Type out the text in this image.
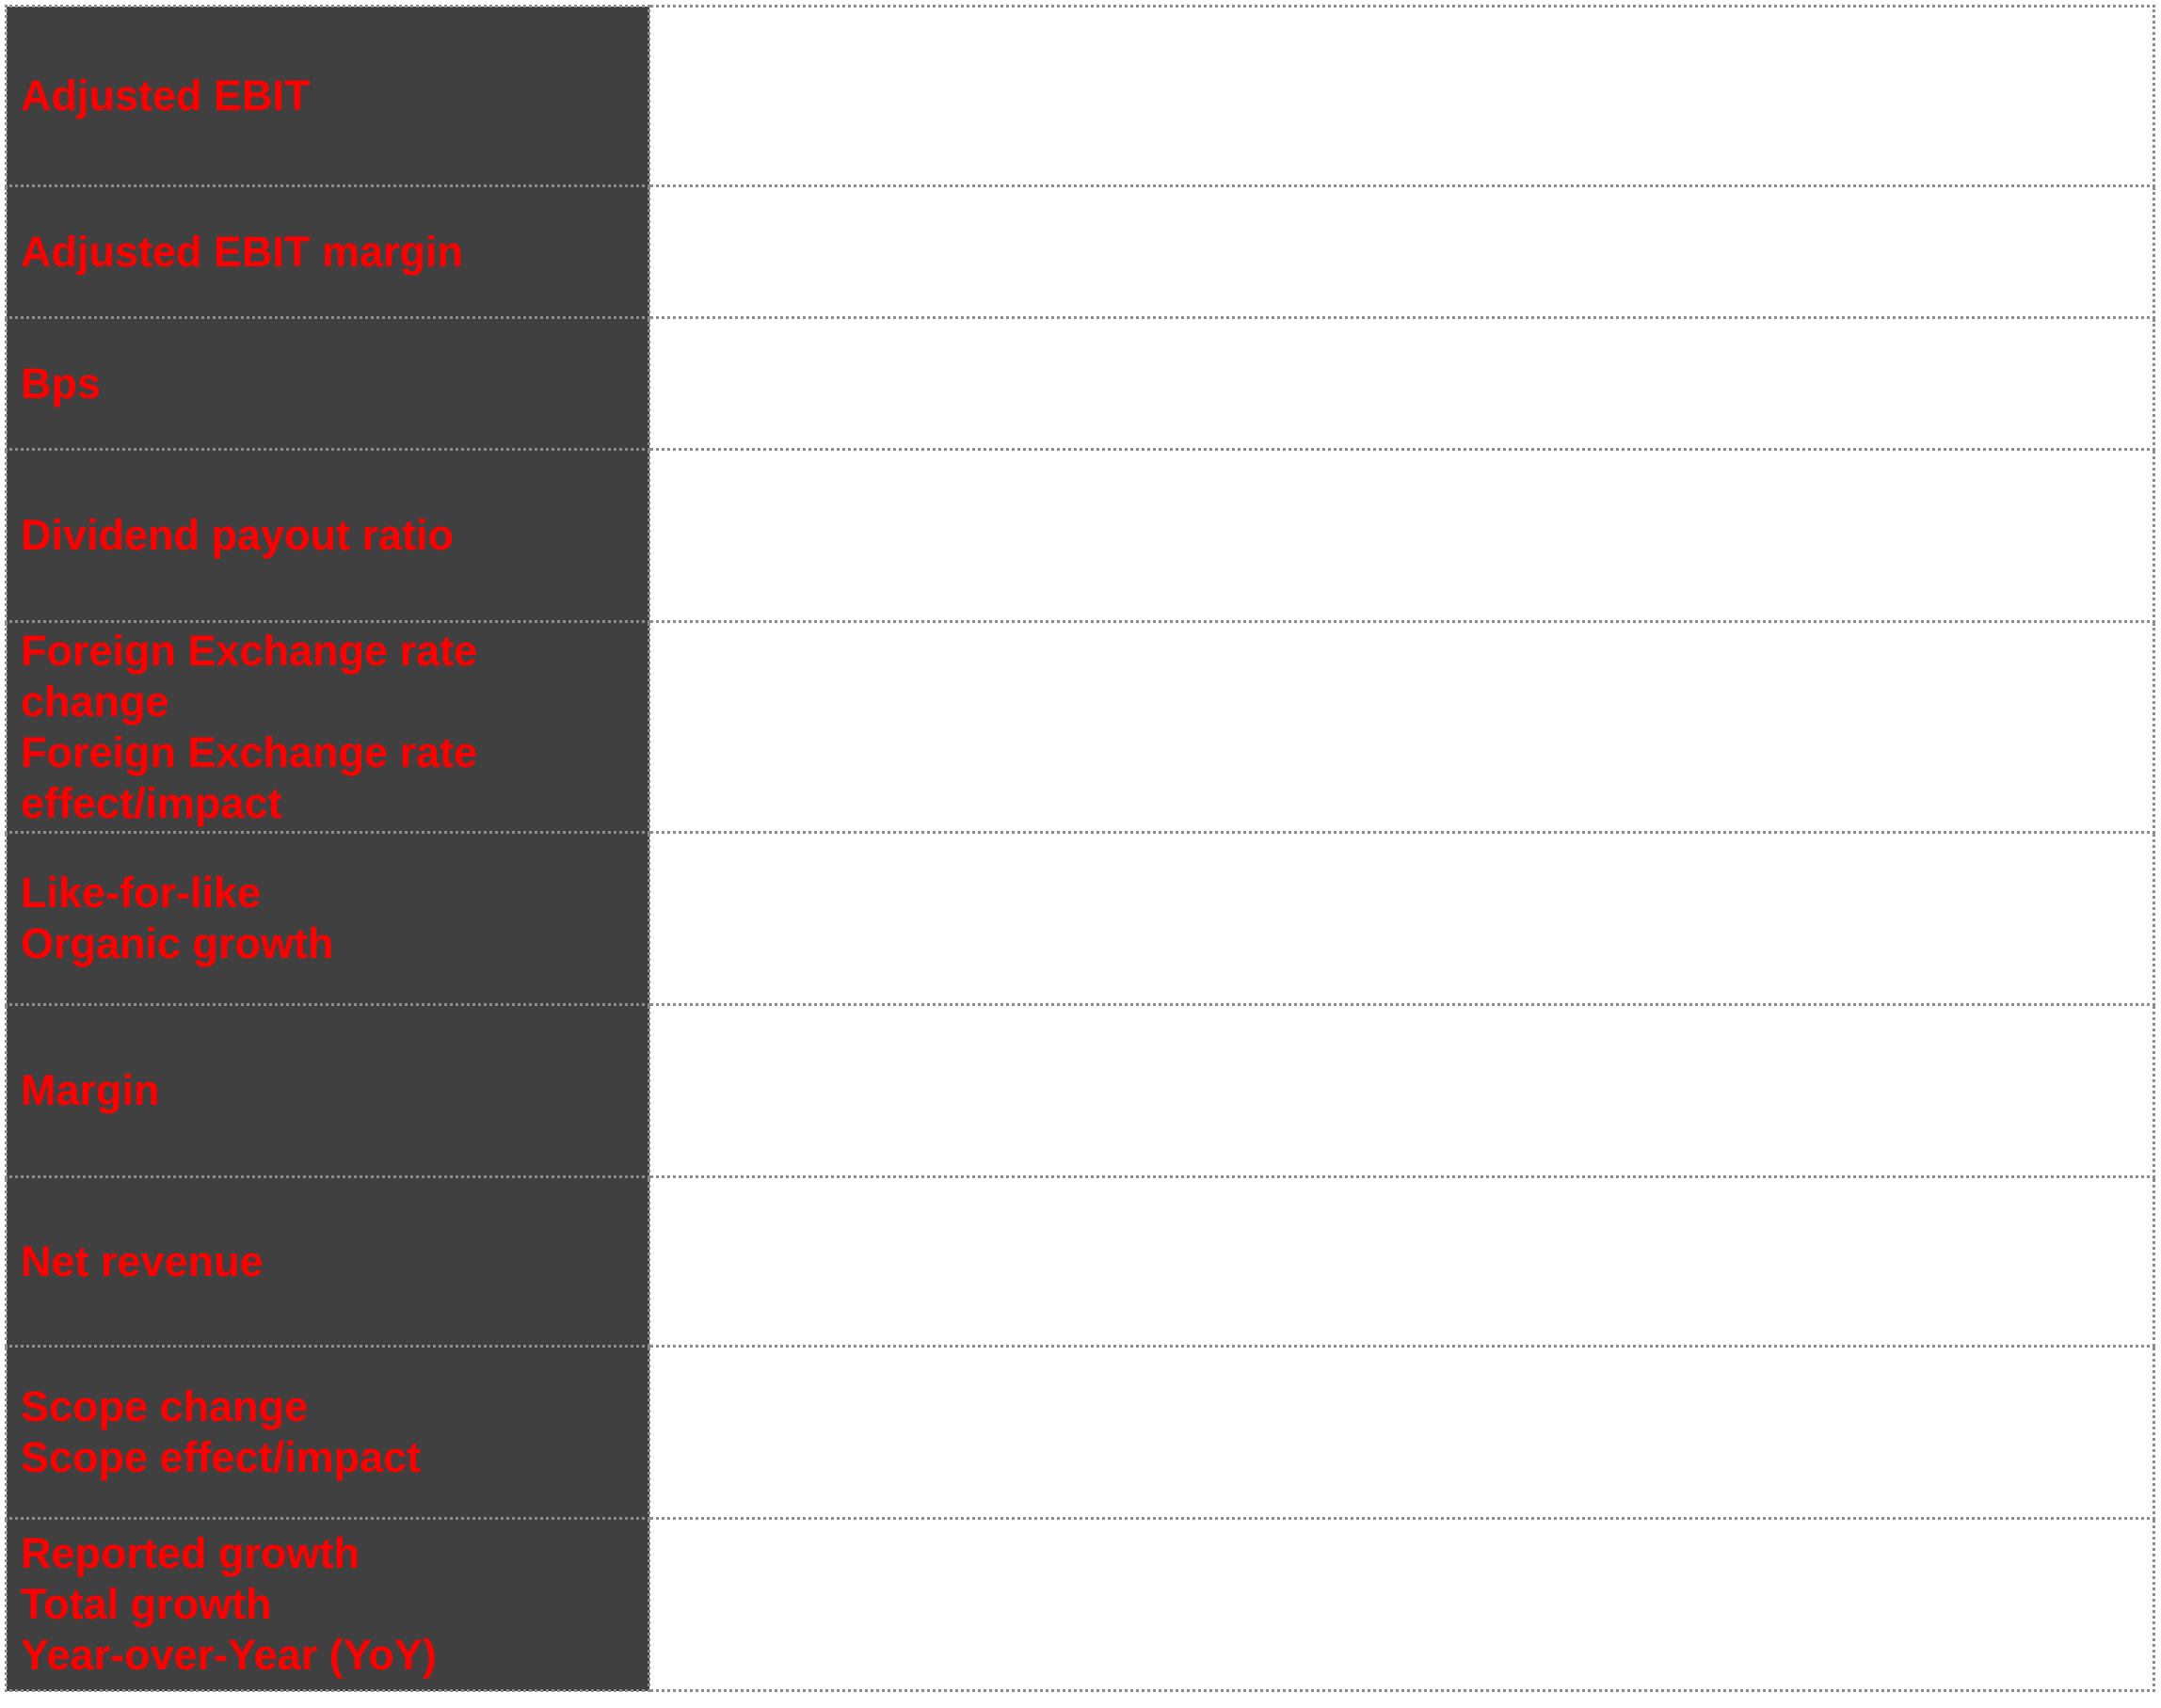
Adjusted EBIT	

Adjusted EBIT margin	

Bps	

Dividend payout ratio	

Foreign Exchange rate
change
Foreign Exchange rate
effect/impact	

Like-for-like
Organic growth	

Margin	

Net revenue	

Scope change
Scope effect/impact	

Reported growth
Total growth
Year-over-Year (YoY)	
